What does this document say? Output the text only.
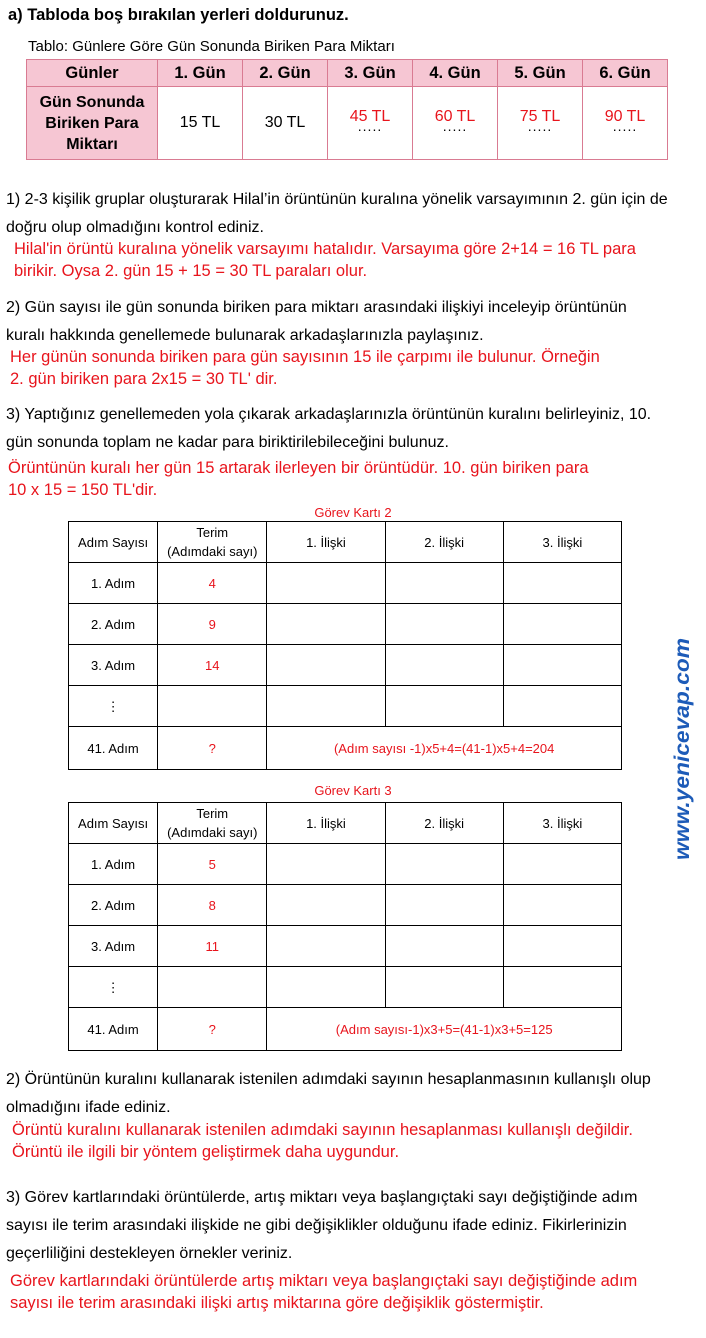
a) Tabloda boş bırakılan yerleri doldurunuz.
Tablo: Günlere Göre Gün Sonunda Biriken Para Miktarı
Günler	1. Gün	2. Gün	3. Gün	4. Gün	5. Gün	6. Gün
Gün Sonunda
Biriken Para
Miktarı	15 TL	30 TL	45 TL .....	60 TL .....	75 TL .....	90 TL .....
1) 2-3 kişilik gruplar oluşturarak Hilal’in örüntünün kuralına yönelik varsayımının 2. gün için de
doğru olup olmadığını kontrol ediniz.
Hilal'in örüntü kuralına yönelik varsayımı hatalıdır. Varsayıma göre 2+14 = 16 TL para
birikir. Oysa 2. gün 15 + 15 = 30 TL paraları olur.
2) Gün sayısı ile gün sonunda biriken para miktarı arasındaki ilişkiyi inceleyip örüntünün
kuralı hakkında genellemede bulunarak arkadaşlarınızla paylaşınız.
Her günün sonunda biriken para gün sayısının 15 ile çarpımı ile bulunur. Örneğin
2. gün biriken para 2x15 = 30 TL' dir.
3) Yaptığınız genellemeden yola çıkarak arkadaşlarınızla örüntünün kuralını belirleyiniz, 10.
gün sonunda toplam ne kadar para biriktirilebileceğini bulunuz.
Örüntünün kuralı her gün 15 artarak ilerleyen bir örüntüdür. 10. gün biriken para
10 x 15 = 150 TL'dir.
Görev Kartı 2
Adım Sayısı	Terim
(Adımdaki sayı)	1. İlişki	2. İlişki	3. İlişki
1. Adım	4			
2. Adım	9			
3. Adım	14			
⋮				
41. Adım	?	(Adım sayısı -1)x5+4=(41-1)x5+4=204		
Görev Kartı 3
Adım Sayısı	Terim
(Adımdaki sayı)	1. İlişki	2. İlişki	3. İlişki
1. Adım	5			
2. Adım	8			
3. Adım	11			
⋮				
41. Adım	?	(Adım sayısı-1)x3+5=(41-1)x3+5=125		
2) Örüntünün kuralını kullanarak istenilen adımdaki sayının hesaplanmasının kullanışlı olup
olmadığını ifade ediniz.
Örüntü kuralını kullanarak istenilen adımdaki sayının hesaplanması kullanışlı değildir.
Örüntü ile ilgili bir yöntem geliştirmek daha uygundur.
3) Görev kartlarındaki örüntülerde, artış miktarı veya başlangıçtaki sayı değiştiğinde adım
sayısı ile terim arasındaki ilişkide ne gibi değişiklikler olduğunu ifade ediniz. Fikirlerinizin
geçerliliğini destekleyen örnekler veriniz.
Görev kartlarındaki örüntülerde artış miktarı veya başlangıçtaki sayı değiştiğinde adım
sayısı ile terim arasındaki ilişki artış miktarına göre değişiklik göstermiştir.
www.yenicevap.com
